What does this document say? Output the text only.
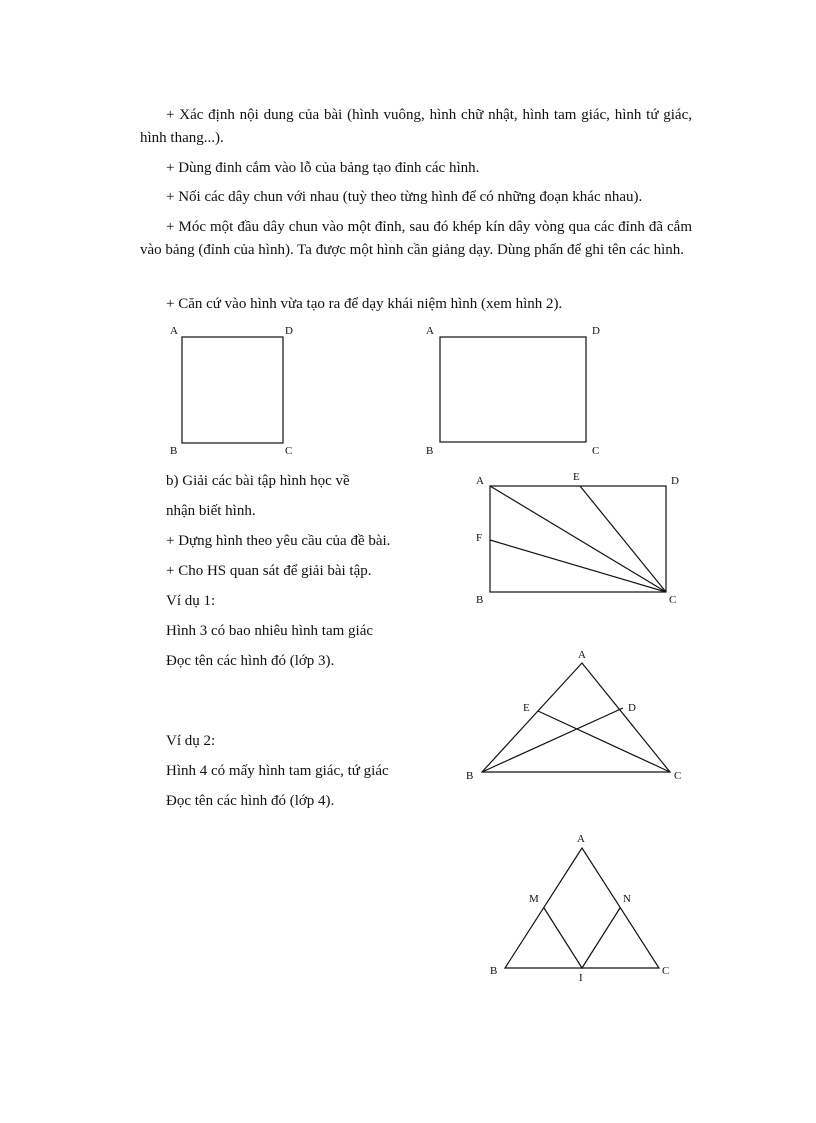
+ Xác định nội dung của bài (hình vuông, hình chữ nhật, hình tam giác, hình tứ giác, hình thang...).

+ Dùng đinh cắm vào lỗ của bảng tạo đỉnh các hình.

+ Nối các dây chun với nhau (tuỳ theo từng hình để có những đoạn khác nhau).

+ Móc một đầu dây chun vào một đỉnh, sau đó khép kín dây vòng qua các đỉnh đã cắm vào bảng (đỉnh của hình). Ta được một hình cần giảng dạy. Dùng phấn để ghi tên các hình.

+ Căn cứ vào hình vừa tạo ra để dạy khái niệm hình (xem hình 2).

A	D
B	C
A	D
B	C

b) Giải các bài tập hình học về

nhận biết hình.

+ Dựng hình theo yêu cầu của đề bài.

+ Cho HS quan sát để giải bài tập.

Ví dụ 1:

Hình 3 có bao nhiêu hình tam giác

Đọc tên các hình đó (lớp 3).

Ví dụ 2:

Hình 4 có mấy hình tam giác, tứ giác

Đọc tên các hình đó (lớp 4).

A	E	D
F
B	C
A
E	D
B	C
A
M	N
B
I
C
